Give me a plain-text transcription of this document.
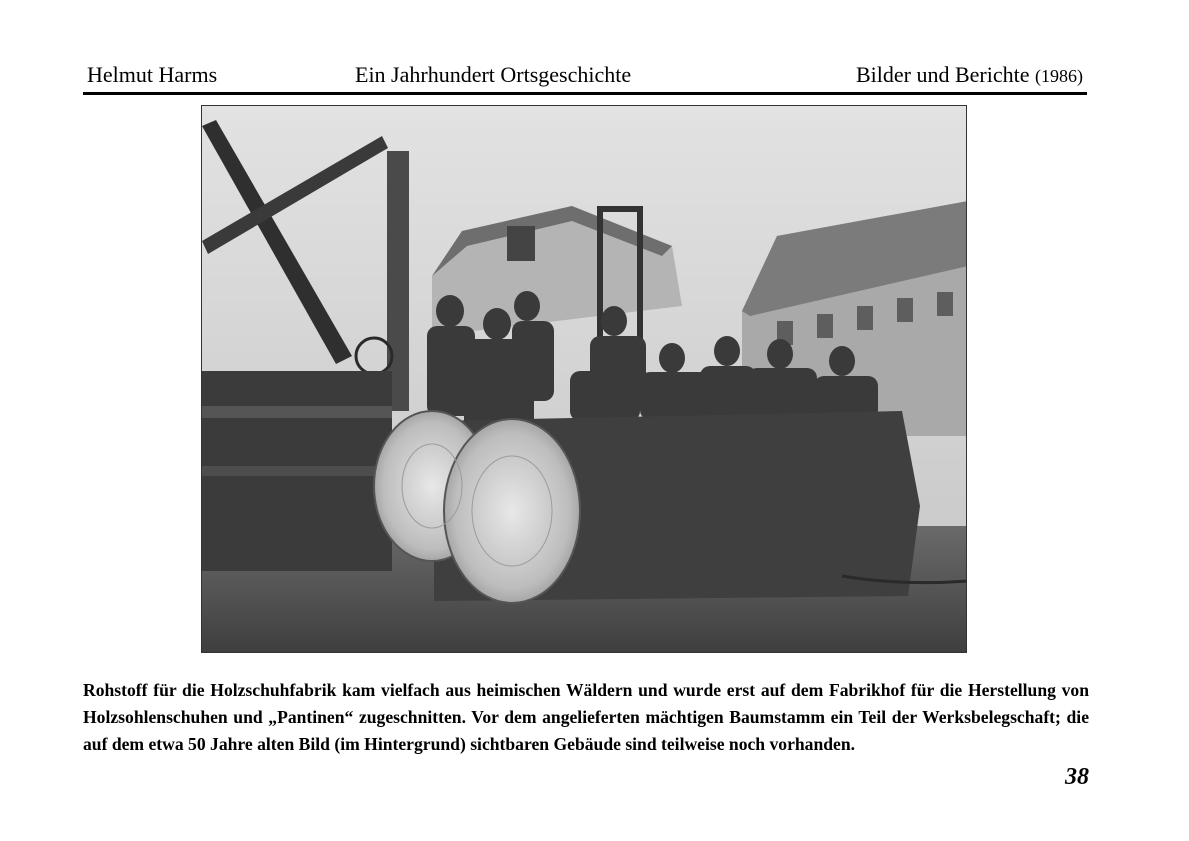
Helmut Harms	Ein Jahrhundert Ortsgeschichte	Bilder und Berichte (1986)

Rohstoff für die Holzschuhfabrik kam vielfach aus heimischen Wäldern und wurde erst auf dem Fabrikhof für die Herstellung von Holzsohlenschuhen und „Pantinen“ zugeschnitten. Vor dem angelieferten mächtigen Baumstamm ein Teil der Werksbelegschaft; die auf dem etwa 50 Jahre alten Bild (im Hintergrund) sichtbaren Gebäude sind teilweise noch vorhanden.

38
